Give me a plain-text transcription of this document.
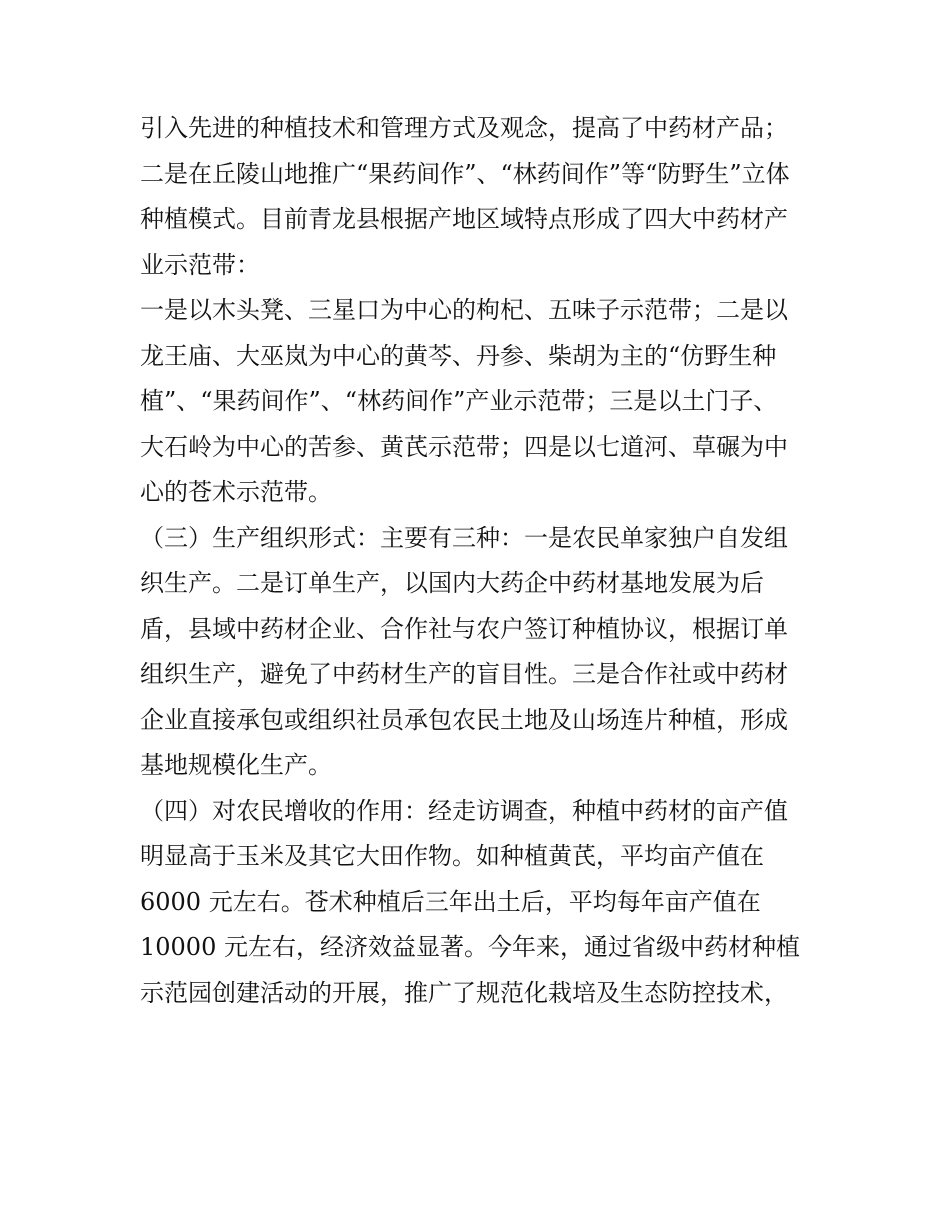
引入先进的种植技术和管理方式及观念，提高了中药材产品；
二是在丘陵山地推广“果药间作”、“林药间作”等“防野生”立体
种植模式。目前青龙县根据产地区域特点形成了四大中药材产
业示范带：
一是以木头凳、三星口为中心的枸杞、五味子示范带；二是以
龙王庙、大巫岚为中心的黄芩、丹参、柴胡为主的“仿野生种
植”、“果药间作”、“林药间作”产业示范带；三是以土门子、
大石岭为中心的苦参、黄芪示范带；四是以七道河、草碾为中
心的苍术示范带。
（三）生产组织形式：主要有三种：一是农民单家独户自发组
织生产。二是订单生产，以国内大药企中药材基地发展为后
盾，县域中药材企业、合作社与农户签订种植协议，根据订单
组织生产，避免了中药材生产的盲目性。三是合作社或中药材
企业直接承包或组织社员承包农民土地及山场连片种植，形成
基地规模化生产。
（四）对农民增收的作用：经走访调查，种植中药材的亩产值
明显高于玉米及其它大田作物。如种植黄芪，平均亩产值在
6000 元左右。苍术种植后三年出土后，平均每年亩产值在
10000 元左右，经济效益显著。今年来，通过省级中药材种植
示范园创建活动的开展，推广了规范化栽培及生态防控技术，
